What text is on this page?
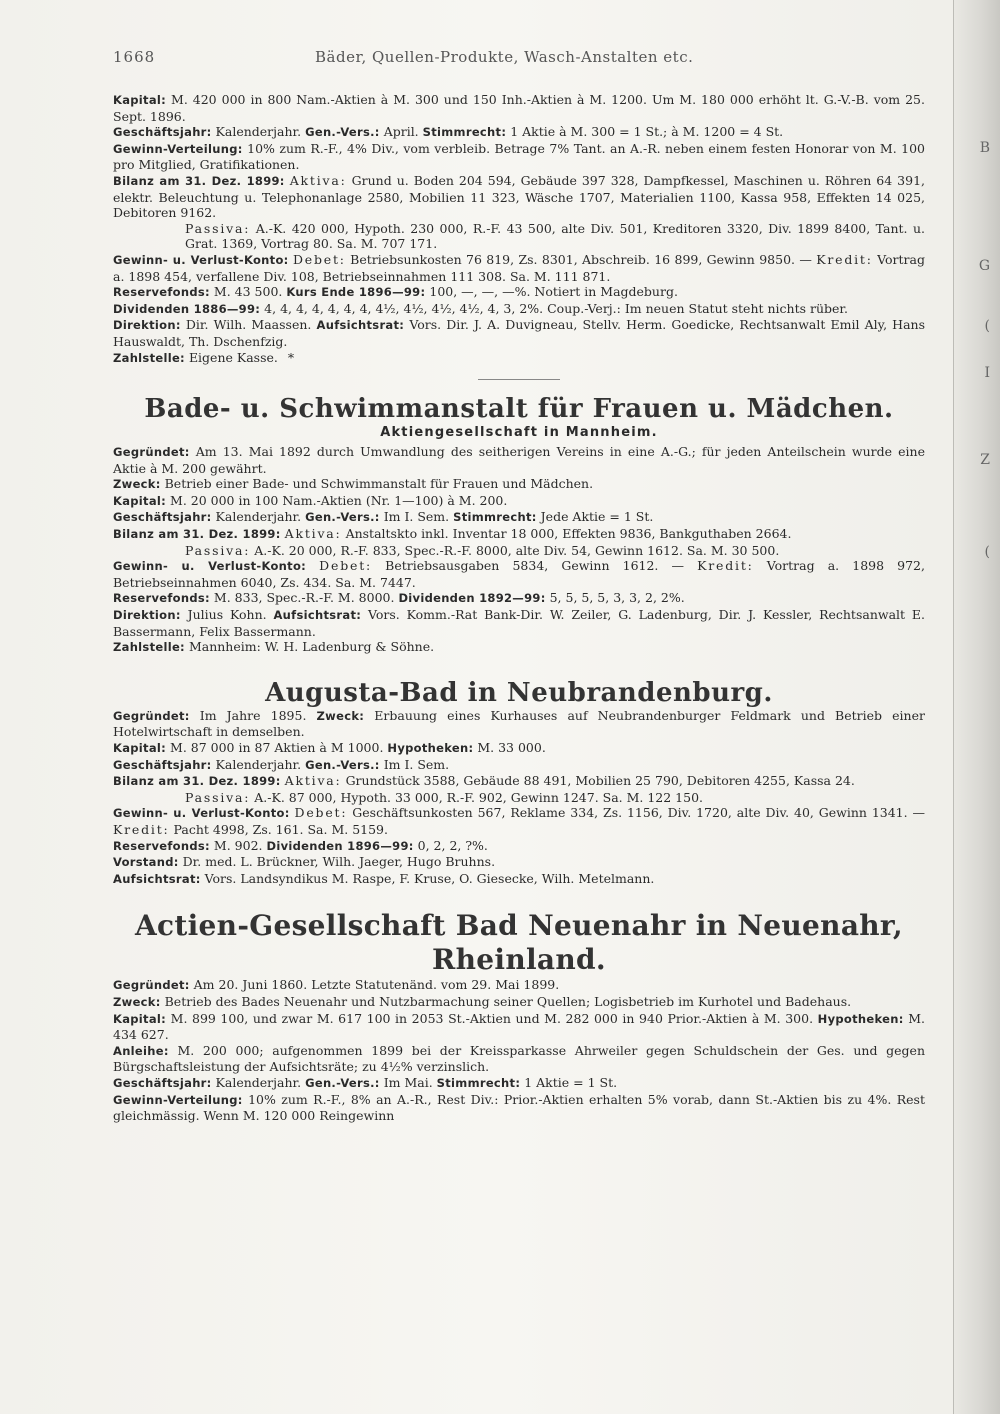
B
G
(
I
Z
(
1668	Bäder, Quellen-Produkte, Wasch-Anstalten etc.

Kapital: M. 420 000 in 800 Nam.-Aktien à M. 300 und 150 Inh.-Aktien à M. 1200. Um M. 180 000 erhöht lt. G.-V.-B. vom 25. Sept. 1896.

Geschäftsjahr: Kalenderjahr. Gen.-Vers.: April. Stimmrecht: 1 Aktie à M. 300 = 1 St.; à M. 1200 = 4 St.

Gewinn-Verteilung: 10% zum R.-F., 4% Div., vom verbleib. Betrage 7% Tant. an A.-R. neben einem festen Honorar von M. 100 pro Mitglied, Gratifikationen.

Bilanz am 31. Dez. 1899: Aktiva: Grund u. Boden 204 594, Gebäude 397 328, Dampfkessel, Maschinen u. Röhren 64 391, elektr. Beleuchtung u. Telephonanlage 2580, Mobilien 11 323, Wäsche 1707, Materialien 1100, Kassa 958, Effekten 14 025, Debitoren 9162.

Passiva: A.-K. 420 000, Hypoth. 230 000, R.-F. 43 500, alte Div. 501, Kreditoren 3320, Div. 1899 8400, Tant. u. Grat. 1369, Vortrag 80. Sa. M. 707 171.

Gewinn- u. Verlust-Konto: Debet: Betriebsunkosten 76 819, Zs. 8301, Abschreib. 16 899, Gewinn 9850. — Kredit: Vortrag a. 1898 454, verfallene Div. 108, Betriebseinnahmen 111 308. Sa. M. 111 871.

Reservefonds: M. 43 500. Kurs Ende 1896—99: 100, —, —, —%. Notiert in Magdeburg.

Dividenden 1886—99: 4, 4, 4, 4, 4, 4, 4, 4½, 4½, 4½, 4½, 4, 3, 2%. Coup.-Verj.: Im neuen Statut steht nichts rüber.

Direktion: Dir. Wilh. Maassen. Aufsichtsrat: Vors. Dir. J. A. Duvigneau, Stellv. Herm. Goedicke, Rechtsanwalt Emil Aly, Hans Hauswaldt, Th. Dschenfzig.

Zahlstelle: Eigene Kasse. *

Bade- u. Schwimmanstalt für Frauen u. Mädchen.

Aktiengesellschaft in Mannheim.

Gegründet: Am 13. Mai 1892 durch Umwandlung des seitherigen Vereins in eine A.-G.; für jeden Anteilschein wurde eine Aktie à M. 200 gewährt.

Zweck: Betrieb einer Bade- und Schwimmanstalt für Frauen und Mädchen.

Kapital: M. 20 000 in 100 Nam.-Aktien (Nr. 1—100) à M. 200.

Geschäftsjahr: Kalenderjahr. Gen.-Vers.: Im I. Sem. Stimmrecht: Jede Aktie = 1 St.

Bilanz am 31. Dez. 1899: Aktiva: Anstaltskto inkl. Inventar 18 000, Effekten 9836, Bankguthaben 2664.

Passiva: A.-K. 20 000, R.-F. 833, Spec.-R.-F. 8000, alte Div. 54, Gewinn 1612. Sa. M. 30 500.

Gewinn- u. Verlust-Konto: Debet: Betriebsausgaben 5834, Gewinn 1612. — Kredit: Vortrag a. 1898 972, Betriebseinnahmen 6040, Zs. 434. Sa. M. 7447.

Reservefonds: M. 833, Spec.-R.-F. M. 8000. Dividenden 1892—99: 5, 5, 5, 5, 3, 3, 2, 2%.

Direktion: Julius Kohn. Aufsichtsrat: Vors. Komm.-Rat Bank-Dir. W. Zeiler, G. Ladenburg, Dir. J. Kessler, Rechtsanwalt E. Bassermann, Felix Bassermann.

Zahlstelle: Mannheim: W. H. Ladenburg & Söhne.

Augusta-Bad in Neubrandenburg.

Gegründet: Im Jahre 1895. Zweck: Erbauung eines Kurhauses auf Neubrandenburger Feldmark und Betrieb einer Hotelwirtschaft in demselben.

Kapital: M. 87 000 in 87 Aktien à M 1000. Hypotheken: M. 33 000.

Geschäftsjahr: Kalenderjahr. Gen.-Vers.: Im I. Sem.

Bilanz am 31. Dez. 1899: Aktiva: Grundstück 3588, Gebäude 88 491, Mobilien 25 790, Debitoren 4255, Kassa 24.

Passiva: A.-K. 87 000, Hypoth. 33 000, R.-F. 902, Gewinn 1247. Sa. M. 122 150.

Gewinn- u. Verlust-Konto: Debet: Geschäftsunkosten 567, Reklame 334, Zs. 1156, Div. 1720, alte Div. 40, Gewinn 1341. — Kredit: Pacht 4998, Zs. 161. Sa. M. 5159.

Reservefonds: M. 902. Dividenden 1896—99: 0, 2, 2, ?%.

Vorstand: Dr. med. L. Brückner, Wilh. Jaeger, Hugo Bruhns.

Aufsichtsrat: Vors. Landsyndikus M. Raspe, F. Kruse, O. Giesecke, Wilh. Metelmann.

Actien-Gesellschaft Bad Neuenahr in Neuenahr, Rheinland.

Gegründet: Am 20. Juni 1860. Letzte Statutenänd. vom 29. Mai 1899.

Zweck: Betrieb des Bades Neuenahr und Nutzbarmachung seiner Quellen; Logisbetrieb im Kurhotel und Badehaus.

Kapital: M. 899 100, und zwar M. 617 100 in 2053 St.-Aktien und M. 282 000 in 940 Prior.-Aktien à M. 300. Hypotheken: M. 434 627.

Anleihe: M. 200 000; aufgenommen 1899 bei der Kreissparkasse Ahrweiler gegen Schuldschein der Ges. und gegen Bürgschaftsleistung der Aufsichtsräte; zu 4½% verzinslich.

Geschäftsjahr: Kalenderjahr. Gen.-Vers.: Im Mai. Stimmrecht: 1 Aktie = 1 St.

Gewinn-Verteilung: 10% zum R.-F., 8% an A.-R., Rest Div.: Prior.-Aktien erhalten 5% vorab, dann St.-Aktien bis zu 4%. Rest gleichmässig. Wenn M. 120 000 Reingewinn
